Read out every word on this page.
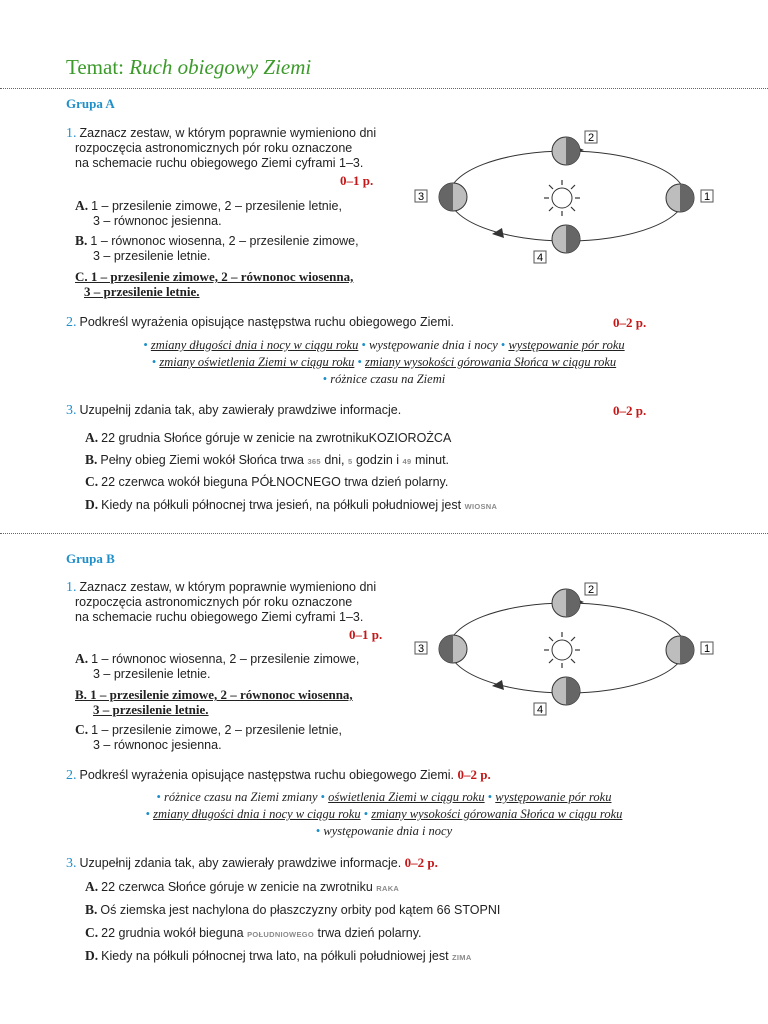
Temat: Ruch obiegowy Ziemi
Grupa A
1. Zaznacz zestaw, w którym poprawnie wymieniono dni
rozpoczęcia astronomicznych pór roku oznaczone
na schemacie ruchu obiegowego Ziemi cyframi 1–3.
0–1 p.
A. 1 – przesilenie zimowe, 2 – przesilenie letnie,
3 – równonoc jesienna.
B. 1 – równonoc wiosenna, 2 – przesilenie zimowe,
3 – przesilenie letnie.
C. 1 – przesilenie zimowe, 2 – równonoc wiosenna,
3 – przesilenie letnie.
1
2
3
4
2. Podkreśl wyrażenia opisujące następstwa ruchu obiegowego Ziemi.	0–2 p.
• zmiany długości dnia i nocy w ciągu roku • występowanie dnia i nocy • występowanie pór roku
• zmiany oświetlenia Ziemi w ciągu roku • zmiany wysokości górowania Słońca w ciągu roku
• różnice czasu na Ziemi
3. Uzupełnij zdania tak, aby zawierały prawdziwe informacje.	0–2 p.
A. 22 grudnia Słońce góruje w zenicie na zwrotnikuKOZIOROŻCA
B. Pełny obieg Ziemi wokół Słońca trwa 365 dni, 5 godzin i 49 minut.
C. 22 czerwca wokół bieguna PÓŁNOCNEGO trwa dzień polarny.
D. Kiedy na półkuli północnej trwa jesień, na półkuli południowej jest WIOSNA
Grupa B
1. Zaznacz zestaw, w którym poprawnie wymieniono dni
rozpoczęcia astronomicznych pór roku oznaczone
na schemacie ruchu obiegowego Ziemi cyframi 1–3.
0–1 p.
A. 1 – równonoc wiosenna, 2 – przesilenie zimowe,
3 – przesilenie letnie.
B. 1 – przesilenie zimowe, 2 – równonoc wiosenna,
3 – przesilenie letnie.
C. 1 – przesilenie zimowe, 2 – przesilenie letnie,
3 – równonoc jesienna.
1
2
3
4
2. Podkreśl wyrażenia opisujące następstwa ruchu obiegowego Ziemi. 0–2 p.
• różnice czasu na Ziemi zmiany • oświetlenia Ziemi w ciągu roku • występowanie pór roku
• zmiany długości dnia i nocy w ciągu roku • zmiany wysokości górowania Słońca w ciągu roku
• występowanie dnia i nocy
3. Uzupełnij zdania tak, aby zawierały prawdziwe informacje. 0–2 p.
A. 22 czerwca Słońce góruje w zenicie na zwrotniku RAKA
B. Oś ziemska jest nachylona do płaszczyzny orbity pod kątem 66 STOPNI
C. 22 grudnia wokół bieguna POŁUDNIOWEGO trwa dzień polarny.
D. Kiedy na półkuli północnej trwa lato, na półkuli południowej jest ZIMA
